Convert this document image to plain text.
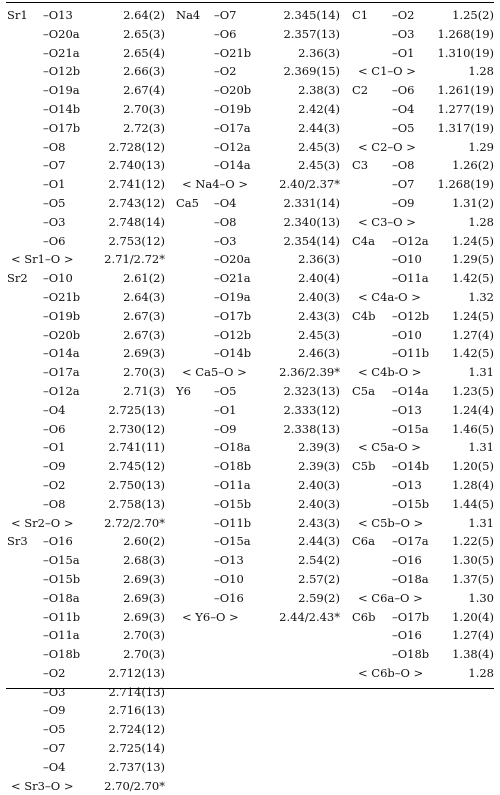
Sr1 –O13	2.64(2)
–O20a	2.65(3)
–O21a	2.65(4)
–O12b	2.66(3)
–O19a	2.67(4)
–O14b	2.70(3)
–O17b	2.72(3)
–O8	2.728(12)
–O7	2.740(13)
–O1	2.741(12)
–O5	2.743(12)
–O3	2.748(14)
–O6	2.753(12)
< Sr1–O >	2.71/2.72*
Sr2 –O10	2.61(2)
–O21b	2.64(3)
–O19b	2.67(3)
–O20b	2.67(3)
–O14a	2.69(3)
–O17a	2.70(3)
–O12a	2.71(3)
–O4	2.725(13)
–O6	2.730(12)
–O1	2.741(11)
–O9	2.745(12)
–O2	2.750(13)
–O8	2.758(13)
< Sr2–O >	2.72/2.70*
Sr3 –O16	2.60(2)
–O15a	2.68(3)
–O15b	2.69(3)
–O18a	2.69(3)
–O11b	2.69(3)
–O11a	2.70(3)
–O18b	2.70(3)
–O2	2.712(13)
–O3	2.714(13)
–O9	2.716(13)
–O5	2.724(12)
–O7	2.725(14)
–O4	2.737(13)
< Sr3–O >	2.70/2.70*
Na4 –O7	2.345(14)
–O6	2.357(13)
–O21b	2.36(3)
–O2	2.369(15)
–O20b	2.38(3)
–O19b	2.42(4)
–O17a	2.44(3)
–O12a	2.45(3)
–O14a	2.45(3)
< Na4–O >	2.40/2.37*
Ca5 –O4	2.331(14)
–O8	2.340(13)
–O3	2.354(14)
–O20a	2.36(3)
–O21a	2.40(4)
–O19a	2.40(3)
–O17b	2.43(3)
–O12b	2.45(3)
–O14b	2.46(3)
< Ca5–O >	2.36/2.39*
Y6 –O5	2.323(13)
–O1	2.333(12)
–O9	2.338(13)
–O18a	2.39(3)
–O18b	2.39(3)
–O11a	2.40(3)
–O15b	2.40(3)
–O11b	2.43(3)
–O15a	2.44(3)
–O13	2.54(2)
–O10	2.57(2)
–O16	2.59(2)
< Y6–O >	2.44/2.43*
C1 –O2	1.25(2)
–O3	1.268(19)
–O1	1.310(19)
< C1–O >	1.28
C2 –O6	1.261(19)
–O4	1.277(19)
–O5	1.317(19)
< C2–O >	1.29
C3 –O8	1.26(2)
–O7	1.268(19)
–O9	1.31(2)
< C3–O >	1.28
C4a –O12a	1.24(5)
–O10	1.29(5)
–O11a	1.42(5)
< C4a-O >	1.32
C4b –O12b	1.24(5)
–O10	1.27(4)
–O11b	1.42(5)
< C4b-O >	1.31
C5a –O14a	1.23(5)
–O13	1.24(4)
–O15a	1.46(5)
< C5a-O >	1.31
C5b –O14b	1.20(5)
–O13	1.28(4)
–O15b	1.44(5)
< C5b–O >	1.31
C6a –O17a	1.22(5)
–O16	1.30(5)
–O18a	1.37(5)
< C6a–O >	1.30
C6b –O17b	1.20(4)
–O16	1.27(4)
–O18b	1.38(4)
< C6b–O >	1.28
